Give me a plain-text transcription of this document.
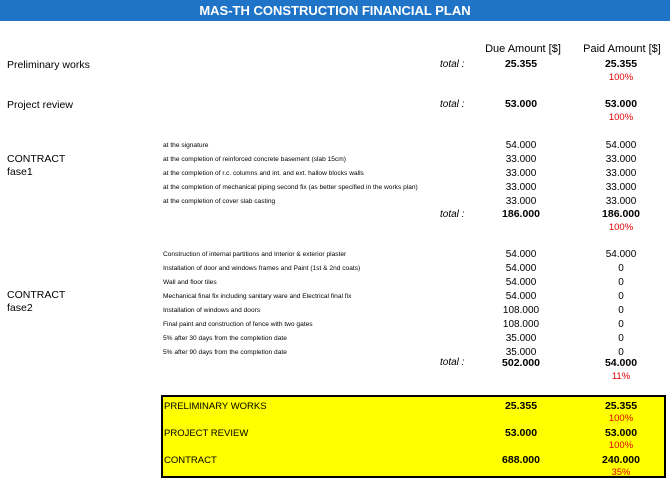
MAS-TH CONSTRUCTION FINANCIAL PLAN
Due Amount [$]	Paid Amount [$]
Preliminary works	total :	25.355	25.355
100%
Project review	total :	53.000	53.000
100%
CONTRACT
fase1
at the signature	54.000	54.000
at the completion of reinforced concrete basement (slab 15cm)	33.000	33.000
at the completion of r.c. columns and int. and ext. hallow blocks walls	33.000	33.000
at the completion of mechanical piping second fix (as better specified in the works plan)	33.000	33.000
at the completion of cover slab casting	33.000	33.000
total :	186.000	186.000
100%
CONTRACT
fase2
Construction of internal partitions and Interior & exterior plaster	54.000	54.000
Installation of door and windows frames and Paint (1st & 2nd coats)	54.000	0
Wall and floor tiles	54.000	0
Mechanical final fix including sanitary ware and Electrical final fix	54.000	0
Installation of windows and doors	108.000	0
Final paint and construction of fence with two gates	108.000	0
5% after 30 days from the completion date	35.000	0
5% after 90 days from the completion date	35.000	0
total :	502.000	54.000
11%
PRELIMINARY WORKS	25.355	25.355
100%
PROJECT REVIEW	53.000	53.000
100%
CONTRACT	688.000	240.000
35%
